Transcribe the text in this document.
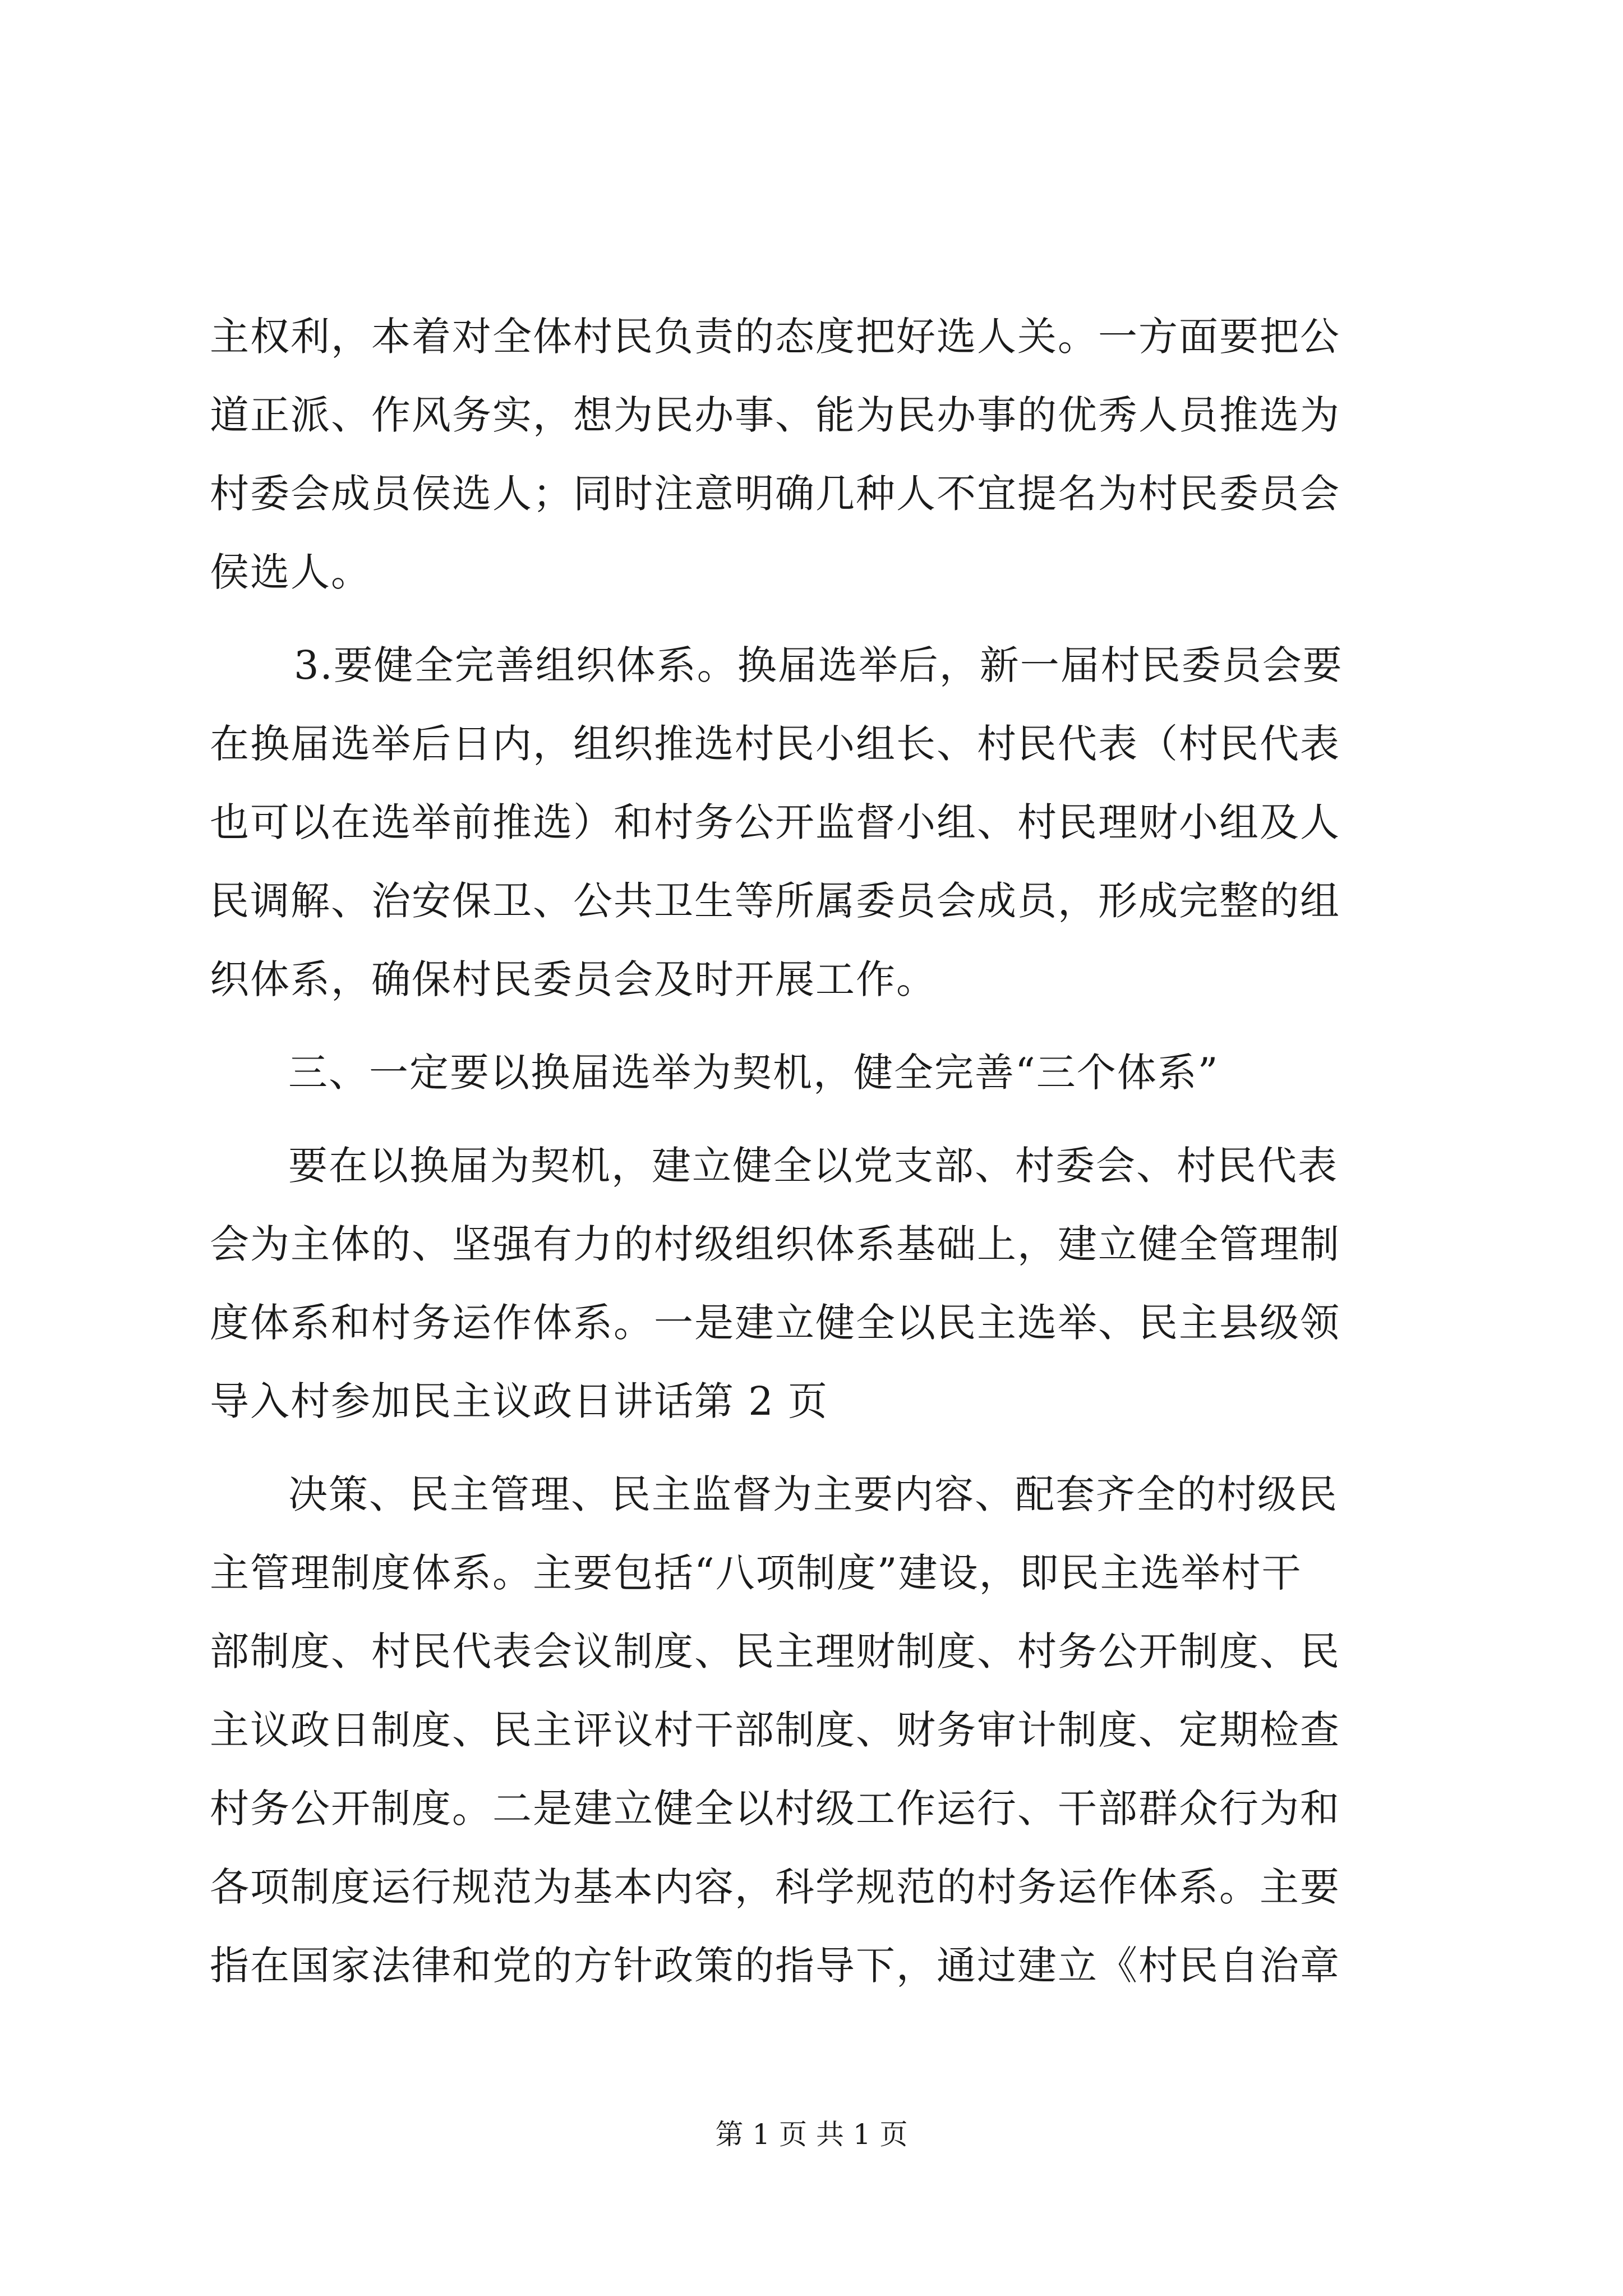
主权利，本着对全体村民负责的态度把好选人关。一方面要把公
道正派、作风务实，想为民办事、能为民办事的优秀人员推选为
村委会成员侯选人；同时注意明确几种人不宜提名为村民委员会
侯选人。
3.要健全完善组织体系。换届选举后，新一届村民委员会要
在换届选举后日内，组织推选村民小组长、村民代表（村民代表
也可以在选举前推选）和村务公开监督小组、村民理财小组及人
民调解、治安保卫、公共卫生等所属委员会成员，形成完整的组
织体系，确保村民委员会及时开展工作。
三、一定要以换届选举为契机，健全完善“三个体系”
要在以换届为契机，建立健全以党支部、村委会、村民代表
会为主体的、坚强有力的村级组织体系基础上，建立健全管理制
度体系和村务运作体系。一是建立健全以民主选举、民主县级领
导入村参加民主议政日讲话第 2 页
决策、民主管理、民主监督为主要内容、配套齐全的村级民
主管理制度体系。主要包括“八项制度”建设，即民主选举村干
部制度、村民代表会议制度、民主理财制度、村务公开制度、民
主议政日制度、民主评议村干部制度、财务审计制度、定期检查
村务公开制度。二是建立健全以村级工作运行、干部群众行为和
各项制度运行规范为基本内容，科学规范的村务运作体系。主要
指在国家法律和党的方针政策的指导下，通过建立《村民自治章
第 1 页 共 1 页
